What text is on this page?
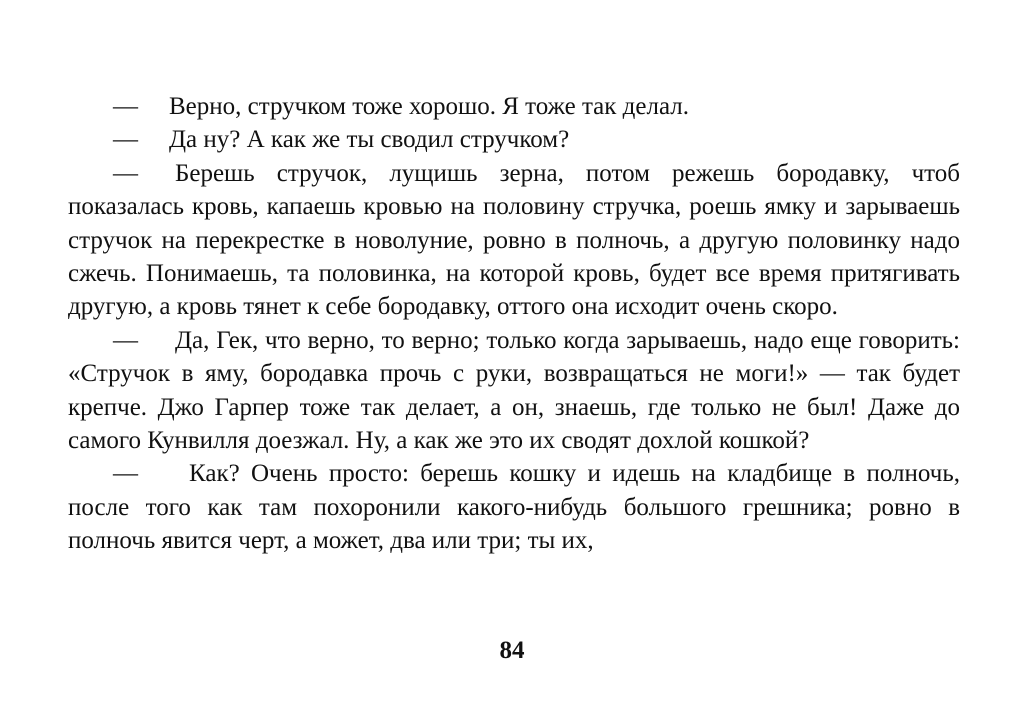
— Верно, стручком тоже хорошо. Я тоже так делал.

— Да ну? А как же ты сводил стручком?

— Берешь стручок, лущишь зерна, потом режешь бородавку, чтоб показалась кровь, капаешь кровью на половину стручка, роешь ямку и зарываешь стручок на перекрестке в новолуние, ровно в полночь, а другую половинку надо сжечь. Понимаешь, та половинка, на которой кровь, будет все время притягивать другую, а кровь тянет к себе бородавку, оттого она исходит очень скоро.

— Да, Гек, что верно, то верно; только когда зарываешь, надо еще говорить: «Стручок в яму, бородавка прочь с руки, возвращаться не моги!» — так будет крепче. Джо Гарпер тоже так делает, а он, знаешь, где только не был! Даже до самого Кунвилля доезжал. Ну, а как же это их сводят дохлой кошкой?

— Как? Очень просто: берешь кошку и идешь на кладбище в полночь, после того как там похоронили какого-нибудь большого грешника; ровно в полночь явится черт, а может, два или три; ты их,

84
